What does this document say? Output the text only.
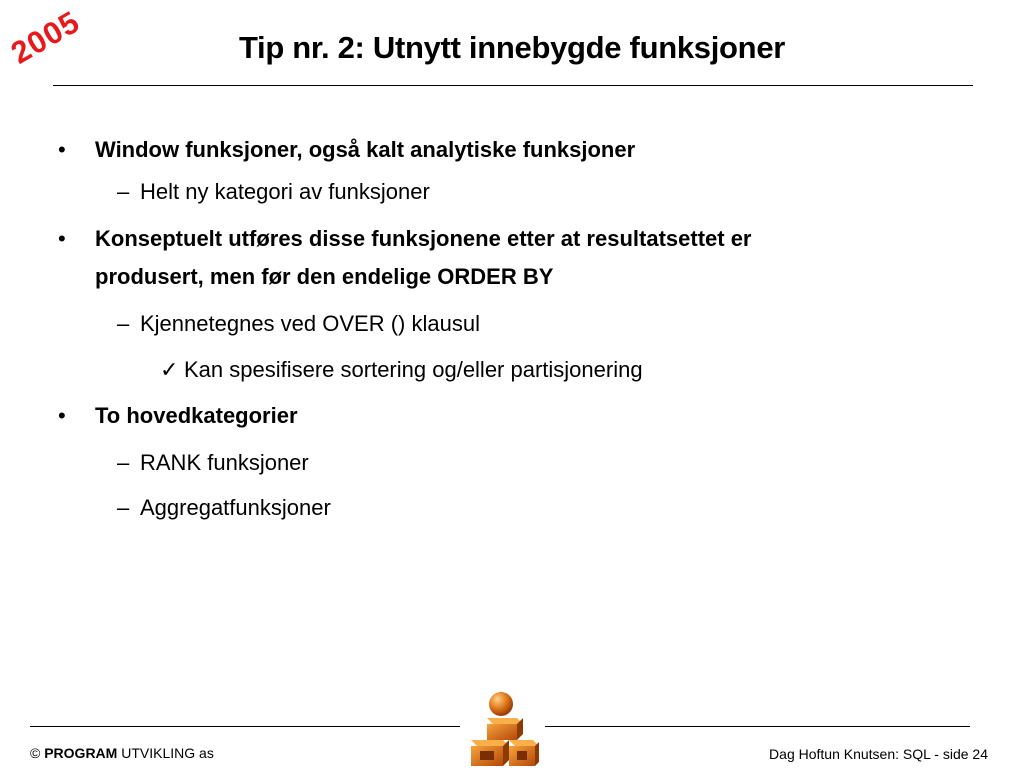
2005	Tip nr. 2: Utnytt innebygde funksjoner
• Window funksjoner, også kalt analytiske funksjoner
– Helt ny kategori av funksjoner
• Konseptuelt utføres disse funksjonene etter at resultatsettet er
produsert, men før den endelige ORDER BY
– Kjennetegnes ved OVER () klausul
✓ Kan spesifisere sortering og/eller partisjonering
• To hovedkategorier
– RANK funksjoner
– Aggregatfunksjoner
© PROGRAM UTVIKLING as	Dag Hoftun Knutsen: SQL - side 24
